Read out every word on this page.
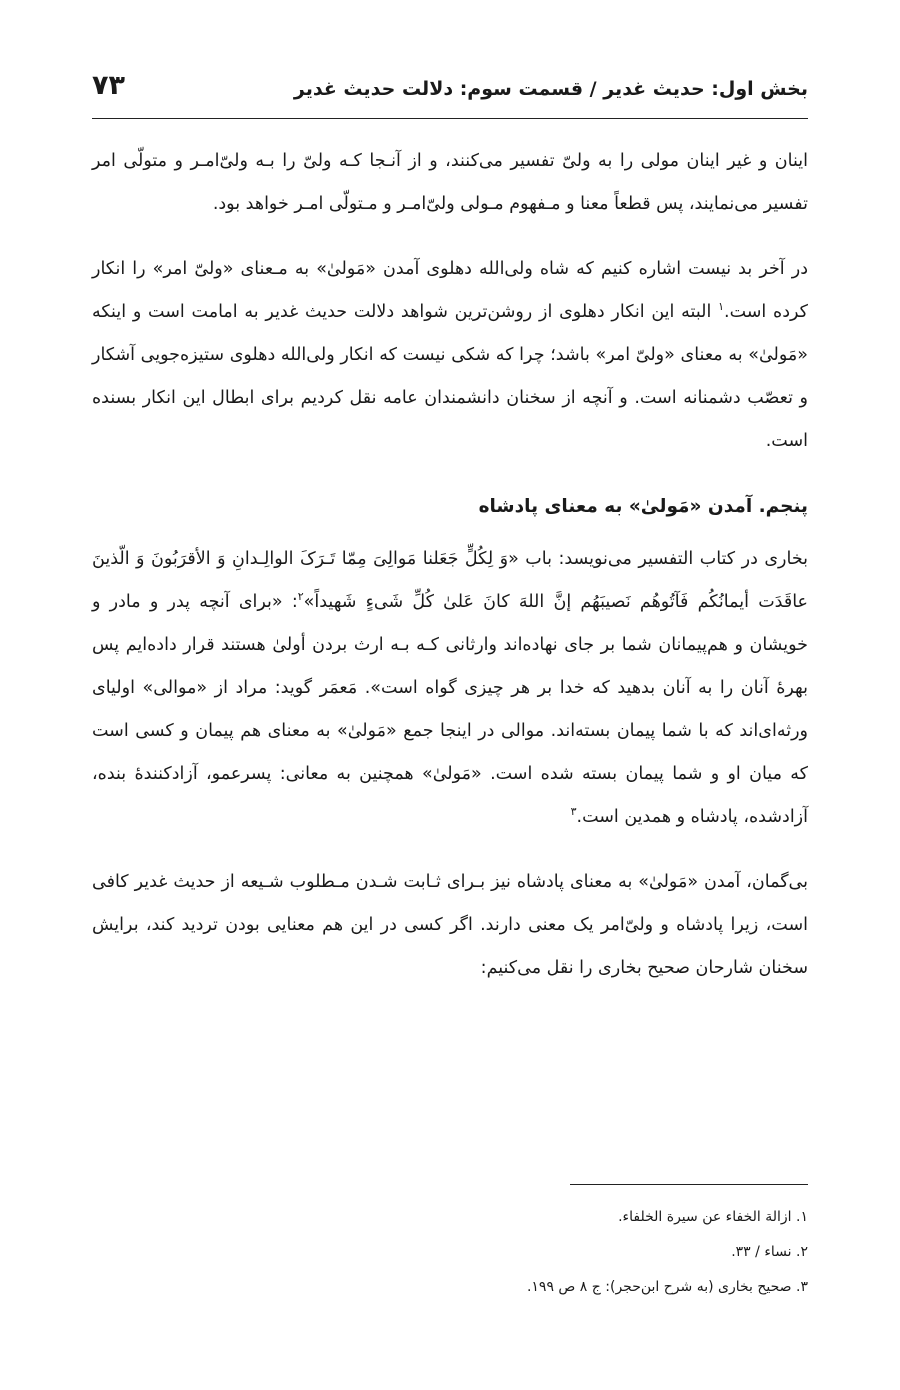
بخش اول: حدیث غدیر / قسمت سوم: دلالت حدیث غدیر
۷۳

اینان و غیر اینان مولی را به ولیّ تفسیر می‌کنند، و از آنـجا کـه ولیّ را بـه ولیّ‌امـر و متولّی امر تفسیر می‌نمایند، پس قطعاً معنا و مـفهوم مـولی ولیّ‌امـر و مـتولّی امـر خواهد بود.

در آخر بد نیست اشاره کنیم که شاه ولی‌الله دهلوی آمدن «مَولیٰ» به مـعنای «ولیّ امر» را انکار کرده است.$^۱$ البته این انکار دهلوی از روشن‌ترین شواهد دلالت حدیث غدیر به امامت است و اینکه «مَولیٰ» به معنای «ولیّ امر» باشد؛ چرا که شکی نیست که انکار ولی‌الله دهلوی ستیزه‌جویی آشکار و تعصّب دشمنانه است. و آنچه از سخنان دانشمندان عامه نقل کردیم برای ابطال این انکار بسنده است.

پنجم. آمدن «مَولیٰ» به معنای پادشاه

بخاری در کتاب التفسیر می‌نویسد: باب «وَ لِکُلٍّ جَعَلنا مَوالِیَ مِمّا تَـرَکَ الوالِـدانِ وَ الأقرَبُونَ وَ الّذینَ عاقَدَت أیمانُکُم فَآتُوهُم نَصیبَهُم إنَّ اللهَ کانَ عَلیٰ کُلِّ شَیءٍ شَهیداً»$^۲$: «برای آنچه پدر و مادر و خویشان و هم‌پیمانان شما بر جای نهاده‌اند وارثانی کـه بـه ارث بردن أولیٰ هستند قرار داده‌ایم پس بهرهٔ آنان را به آنان بدهید که خدا بر هر چیزی گواه است». مَعمَر گوید: مراد از «موالی» اولیای ورثه‌ای‌اند که با شما پیمان بسته‌اند. موالی در اینجا جمع «مَولیٰ» به معنای هم پیمان و کسی است که میان او و شما پیمان بسته شده است. «مَولیٰ» همچنین به معانی: پسرعمو، آزادکنندهٔ بنده، آزادشده، پادشاه و همدین است.$^۳$

بی‌گمان، آمدن «مَولیٰ» به معنای پادشاه نیز بـرای ثـابت شـدن مـطلوب شـیعه از حدیث غدیر کافی است، زیرا پادشاه و ولیّ‌امر یک معنی دارند. اگر کسی در این هم معنایی بودن تردید کند، برایش سخنان شارحان صحیح بخاری را نقل می‌کنیم:

۱. ازالة الخفاء عن سیرة الخلفاء.
۲. نساء / ۳۳.
۳. صحیح بخاری (به شرح ابن‌حجر): ج ۸ ص ۱۹۹.
